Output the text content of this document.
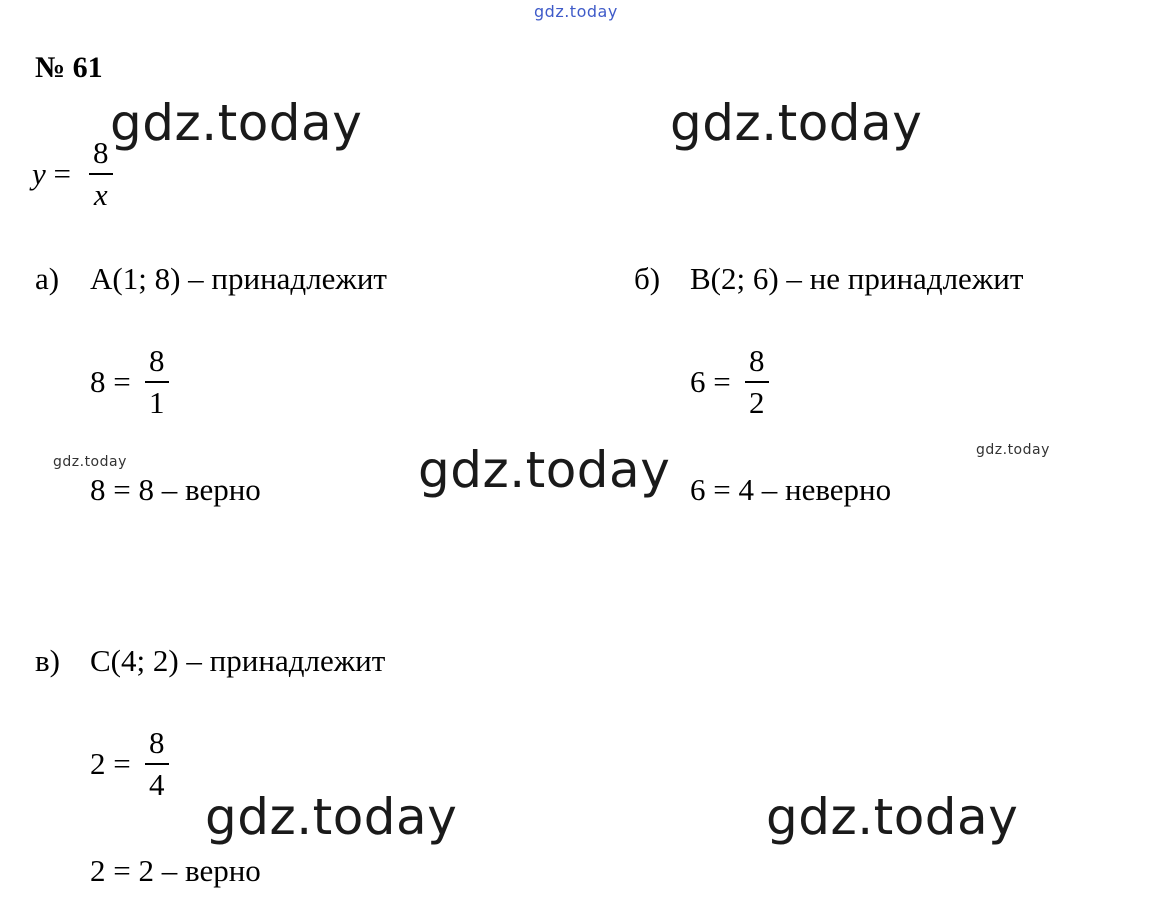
gdz.today
gdz.today	gdz.today
gdz.today
gdz.today	gdz.today
gdz.today
gdz.today
№ 61
y =
8
x
а) A(1; 8) – принадлежит
8 =
8
1
8 = 8 – верно
б) B(2; 6) – не принадлежит
6 =
8
2
6 = 4 – неверно
в) C(4; 2) – принадлежит
2 =
8
4
2 = 2 – верно
